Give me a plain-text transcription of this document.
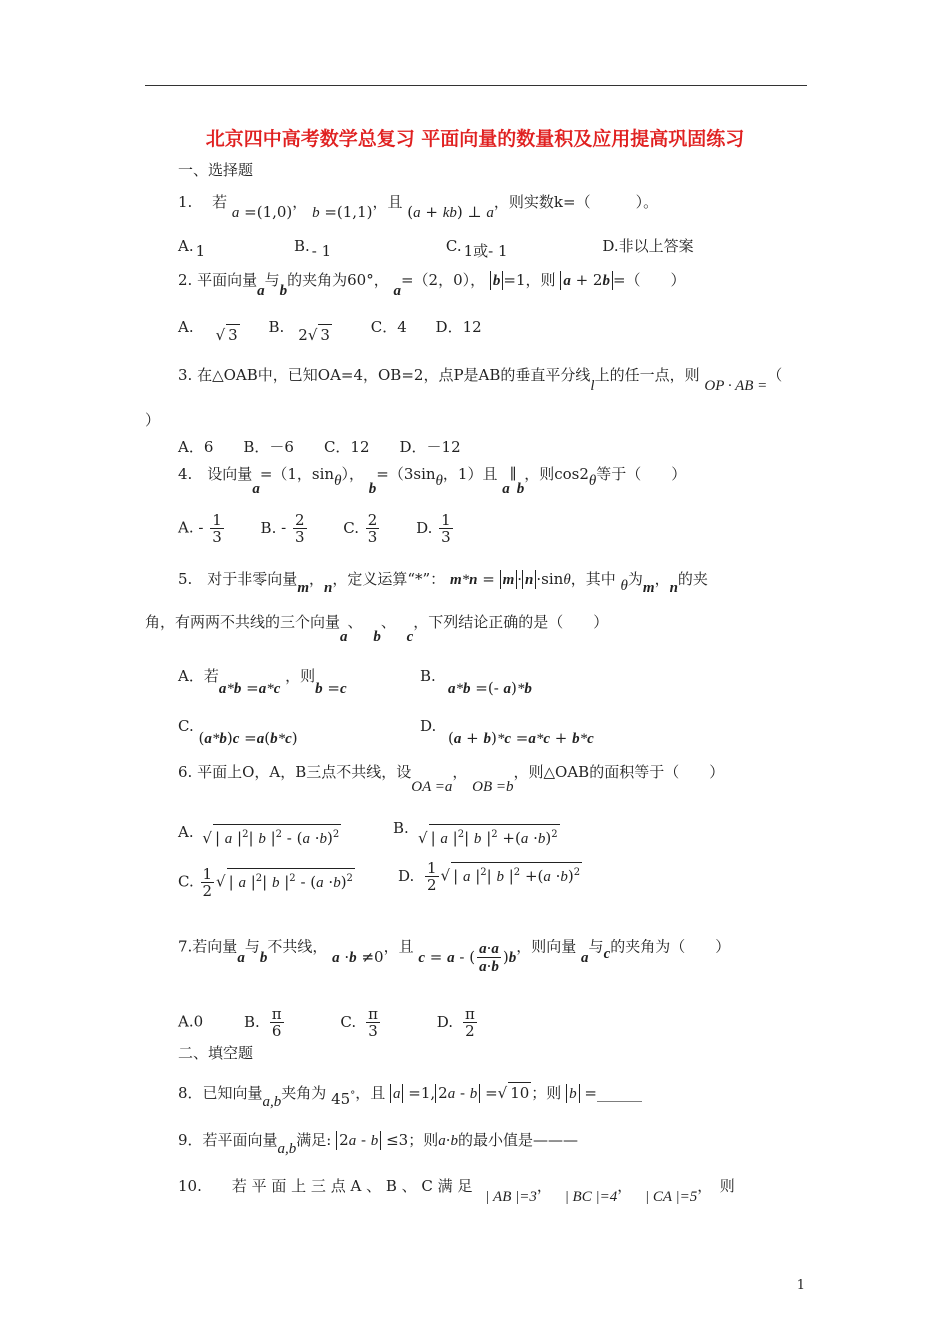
北京四中高考数学总复习 平面向量的数量积及应用提高巩固练习
一、选择题
1.　 若 a =(1,0)， b =(1,1)，且 (a + kb) ⊥ a，则实数k=（　　　）。
A. 1	B. - 1	C. 1或- 1	D.非以上答案
2. 平面向量a与b的夹角为60°， a=（2，0）， b =1，则 a + 2b =（　　）
A. √ 3 B. 2√ 3	C．4 D．12
3. 在△OAB中，已知OA=4，OB=2，点P是AB的垂直平分线l上的任一点，则 OP · AB =（
）
A．6　　B．－6　　C．12　　D．－12
4.　设向量a=（1，sinθ）， b=（3sinθ，1）且 a∥b，则cos2θ等于（　　）
A. - $\frac{1}{3} B$. - $\frac{2}{3} C$. $\frac{2}{3} D$. $\frac{1}{3}$
5.　对于非零向量m，n，定义运算“*”： m*n = m · n ·sinθ，其中 θ为m，n的夹
角，有两两不共线的三个向量a、 b、 c，下列结论正确的是（　　）
A．若a*b =a*c ，则b =c
B.
a*b =(- a)*b
C. (a*b)c =a(b*c)
D.
(a + b)*c =a*c + b*c
6. 平面上O，A，B三点不共线，设OA =a， OB =b，则△OAB的面积等于（　　）
A. √ | a $|^2|$ b $|^2 - (a \cdot b)^2$	B.
√ | a $|^2|$ b $|^2 +(a \cdot b)^2$
C. $\frac{1}{2}$ √ | a $|^2|$ b $|^2 - (a \cdot b)^2$	D. $\frac{1}{2}$ √ | a $|^2|$ b $|^2 +(a \cdot b)^2$
7.若向量a与b不共线， a ·b ≠0，且 c = a - ( $\frac{a\cdot a}{a\cdot b} )b$，则向量 a与c的夹角为（　　）
A.0	B. $\frac{\pi}{6}$	C. $\frac{\pi}{3}$	D. $\frac{\pi}{2}$
二、填空题
8．已知向量a,b夹角为 45°，且 a =1, 2a - b =√ 10 ；则 b =______
9．若平面向量a,b满足: 2a - b ≤3；则a·b的最小值是———
10.　　若 平 面 上 三 点 A 、 B 、 C 满 足 | AB |=3， | BC |=4， | CA |=5，　则
1
